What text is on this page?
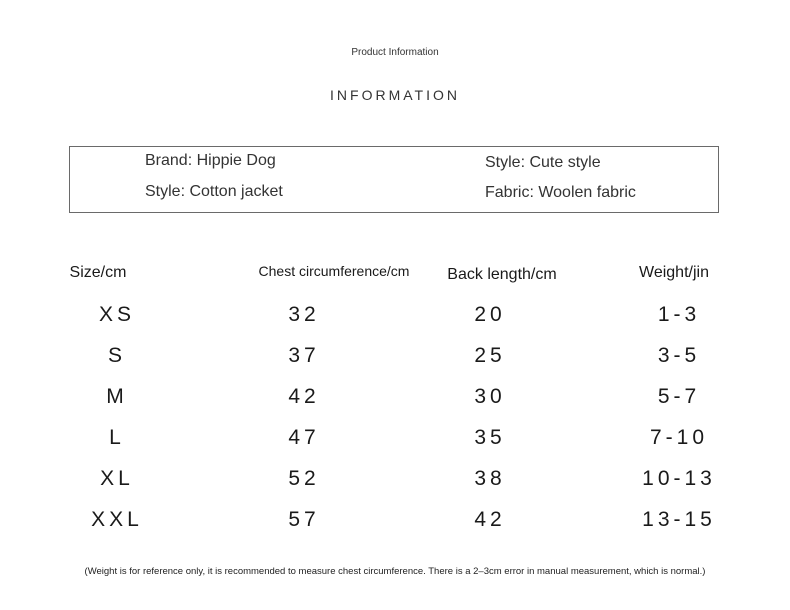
Product Information
INFORMATION
Brand: Hippie Dog	Style: Cute style
Style: Cotton jacket	Fabric: Woolen fabric
Size/cm	Chest circumference/cm	Back length/cm	Weight/jin
XS	32	20	1-3
S	37	25	3-5
M	42	30	5-7
L	47	35	7-10
XL	52	38	10-13
XXL	57	42	13-15
(Weight is for reference only, it is recommended to measure chest circumference. There is a 2–3cm error in manual measurement, which is normal.)
